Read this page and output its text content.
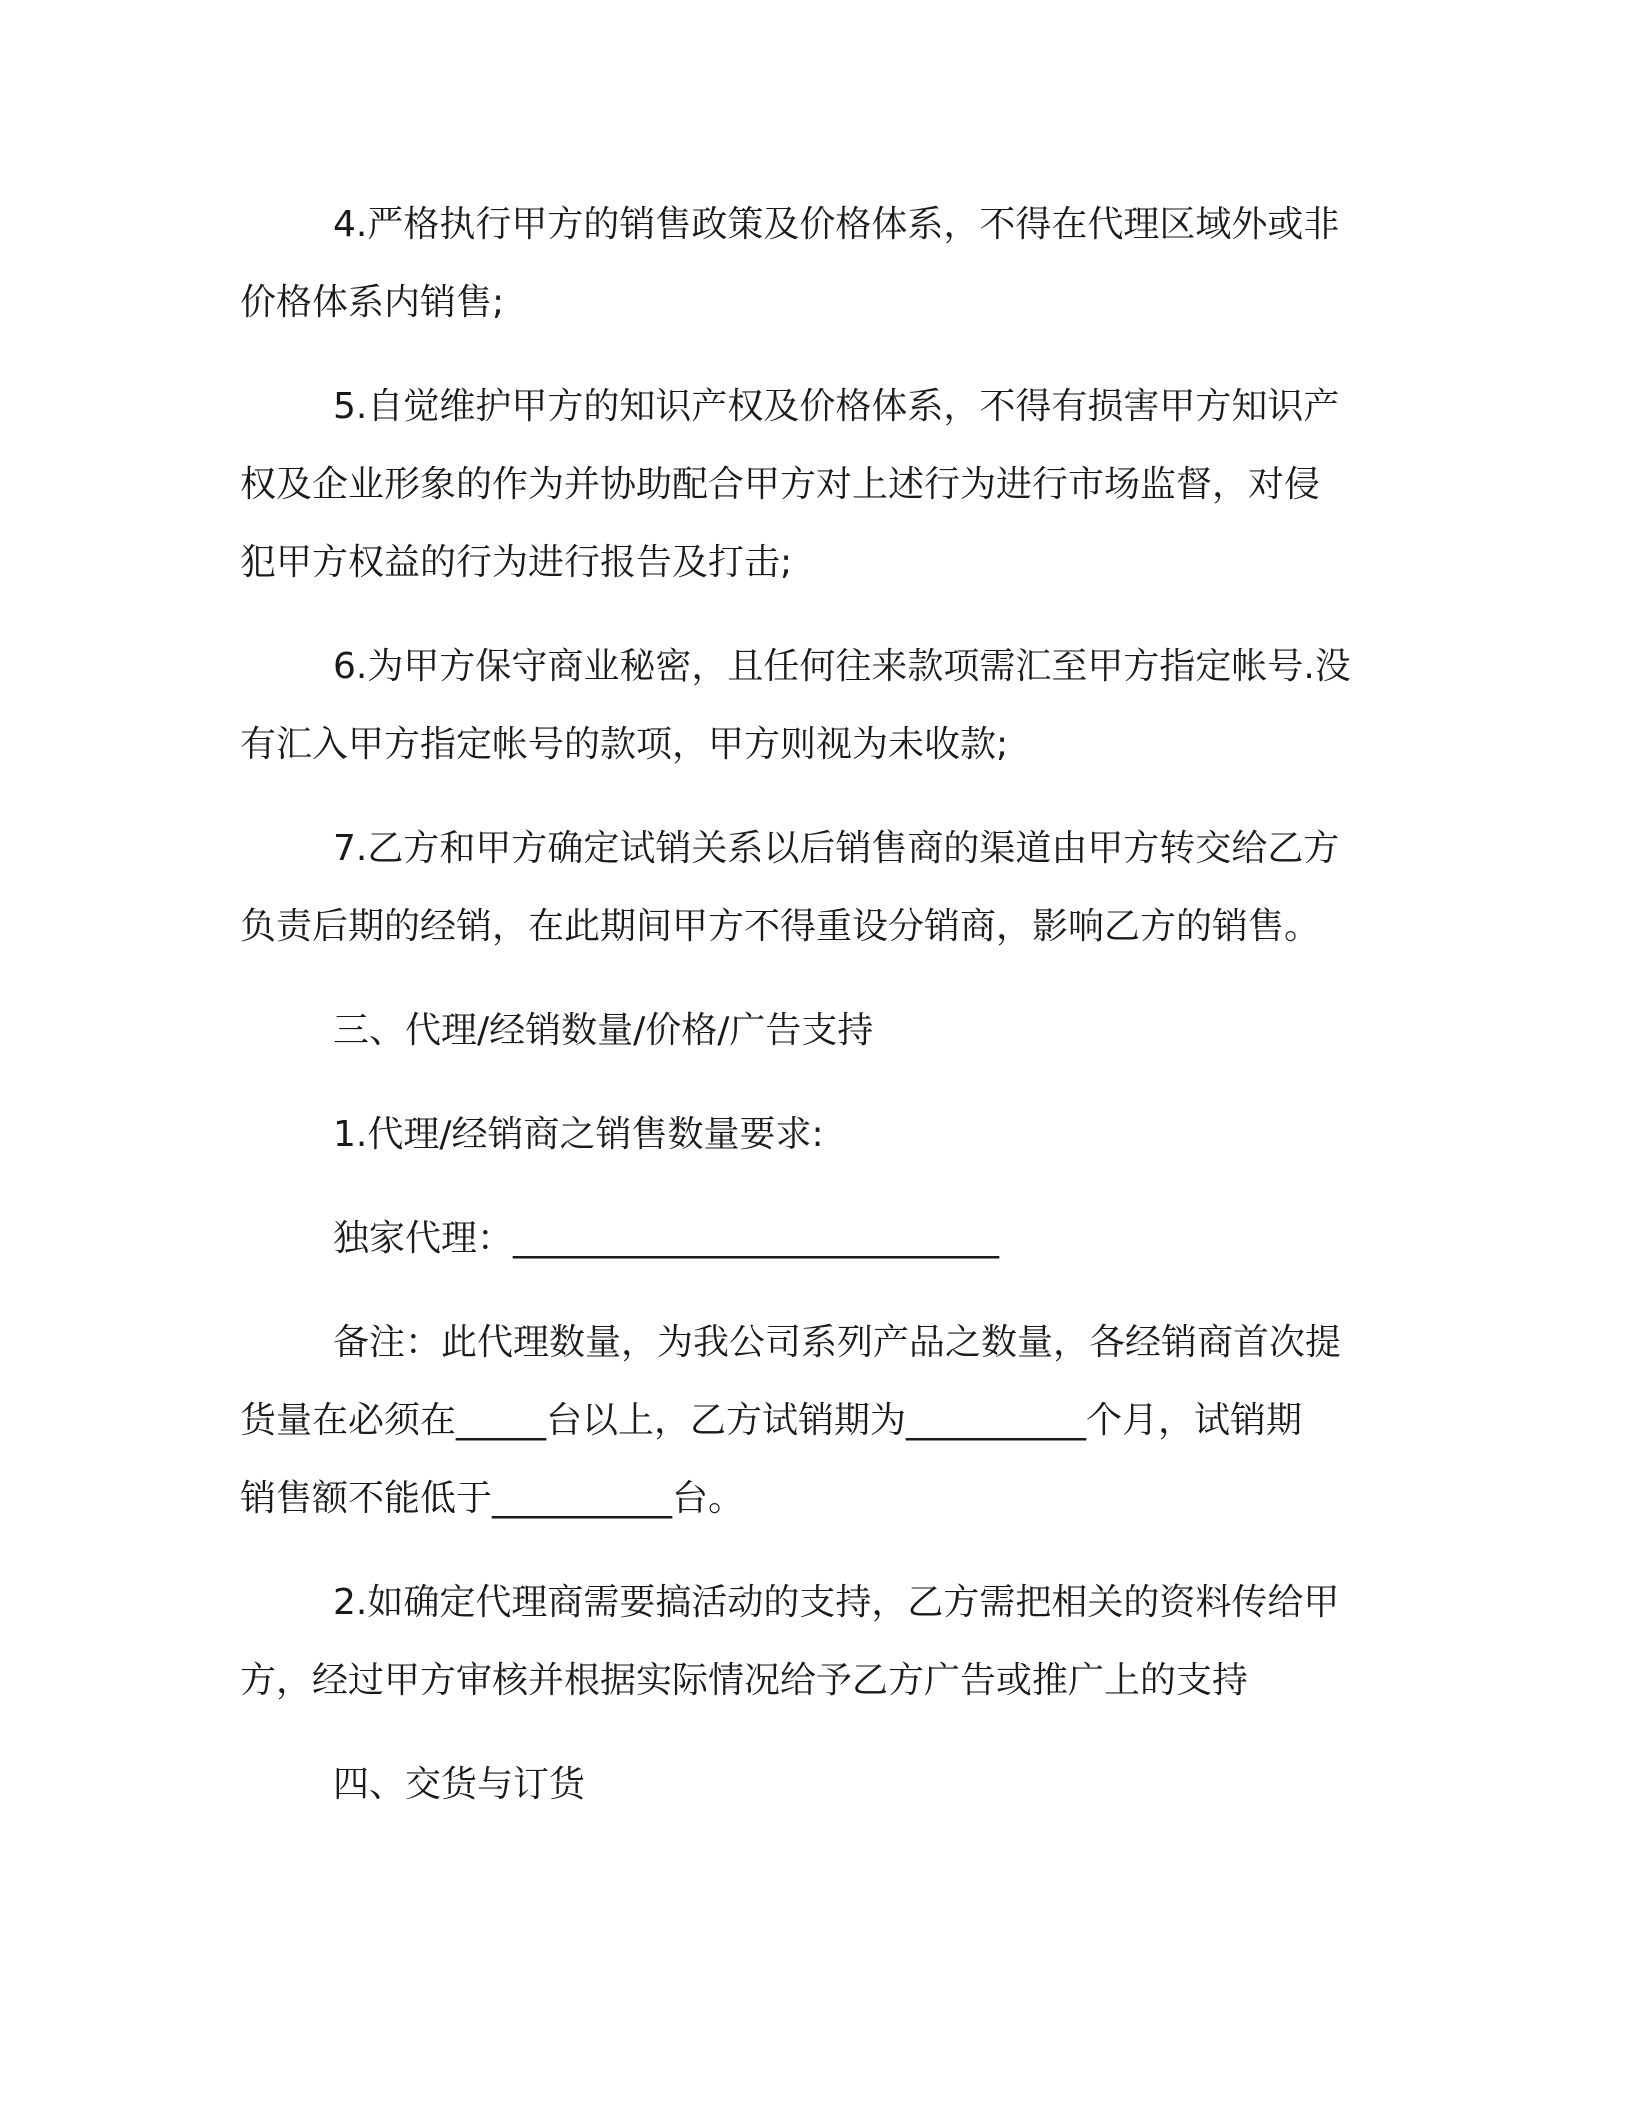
4.严格执行甲方的销售政策及价格体系，不得在代理区域外或非
价格体系内销售;

5.自觉维护甲方的知识产权及价格体系，不得有损害甲方知识产
权及企业形象的作为并协助配合甲方对上述行为进行市场监督，对侵
犯甲方权益的行为进行报告及打击;

6.为甲方保守商业秘密，且任何往来款项需汇至甲方指定帐号.没
有汇入甲方指定帐号的款项，甲方则视为未收款;

7.乙方和甲方确定试销关系以后销售商的渠道由甲方转交给乙方
负责后期的经销，在此期间甲方不得重设分销商，影响乙方的销售。

三、代理/经销数量/价格/广告支持

1.代理/经销商之销售数量要求:

独家代理：___________________________

备注：此代理数量，为我公司系列产品之数量，各经销商首次提
货量在必须在_____台以上，乙方试销期为__________个月，试销期
销售额不能低于__________台。

2.如确定代理商需要搞活动的支持，乙方需把相关的资料传给甲
方，经过甲方审核并根据实际情况给予乙方广告或推广上的支持

四、交货与订货
